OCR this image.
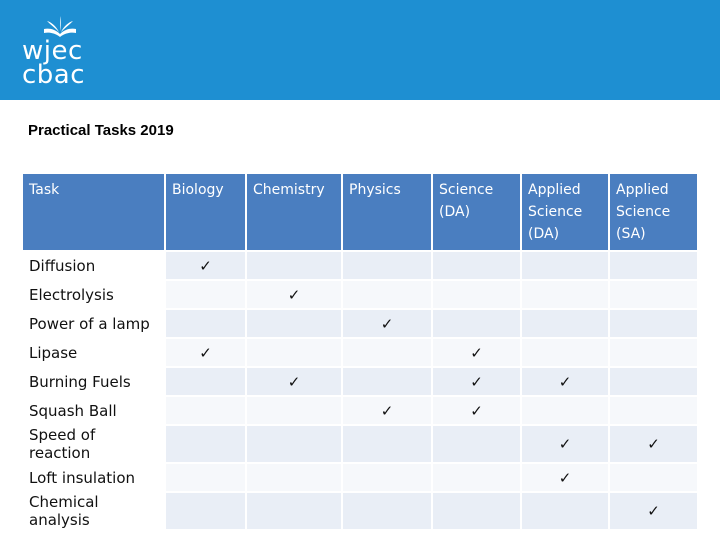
wjec
cbac
Practical Tasks 2019
Task	Biology	Chemistry	Physics	Science (DA)	Applied Science (DA)	Applied Science (SA)
Diffusion	✓					
Electrolysis		✓				
Power of a lamp			✓			
Lipase	✓			✓		
Burning Fuels		✓		✓	✓	
Squash Ball			✓	✓		
Speed of reaction					✓	✓
Loft insulation					✓	
Chemical analysis						✓
